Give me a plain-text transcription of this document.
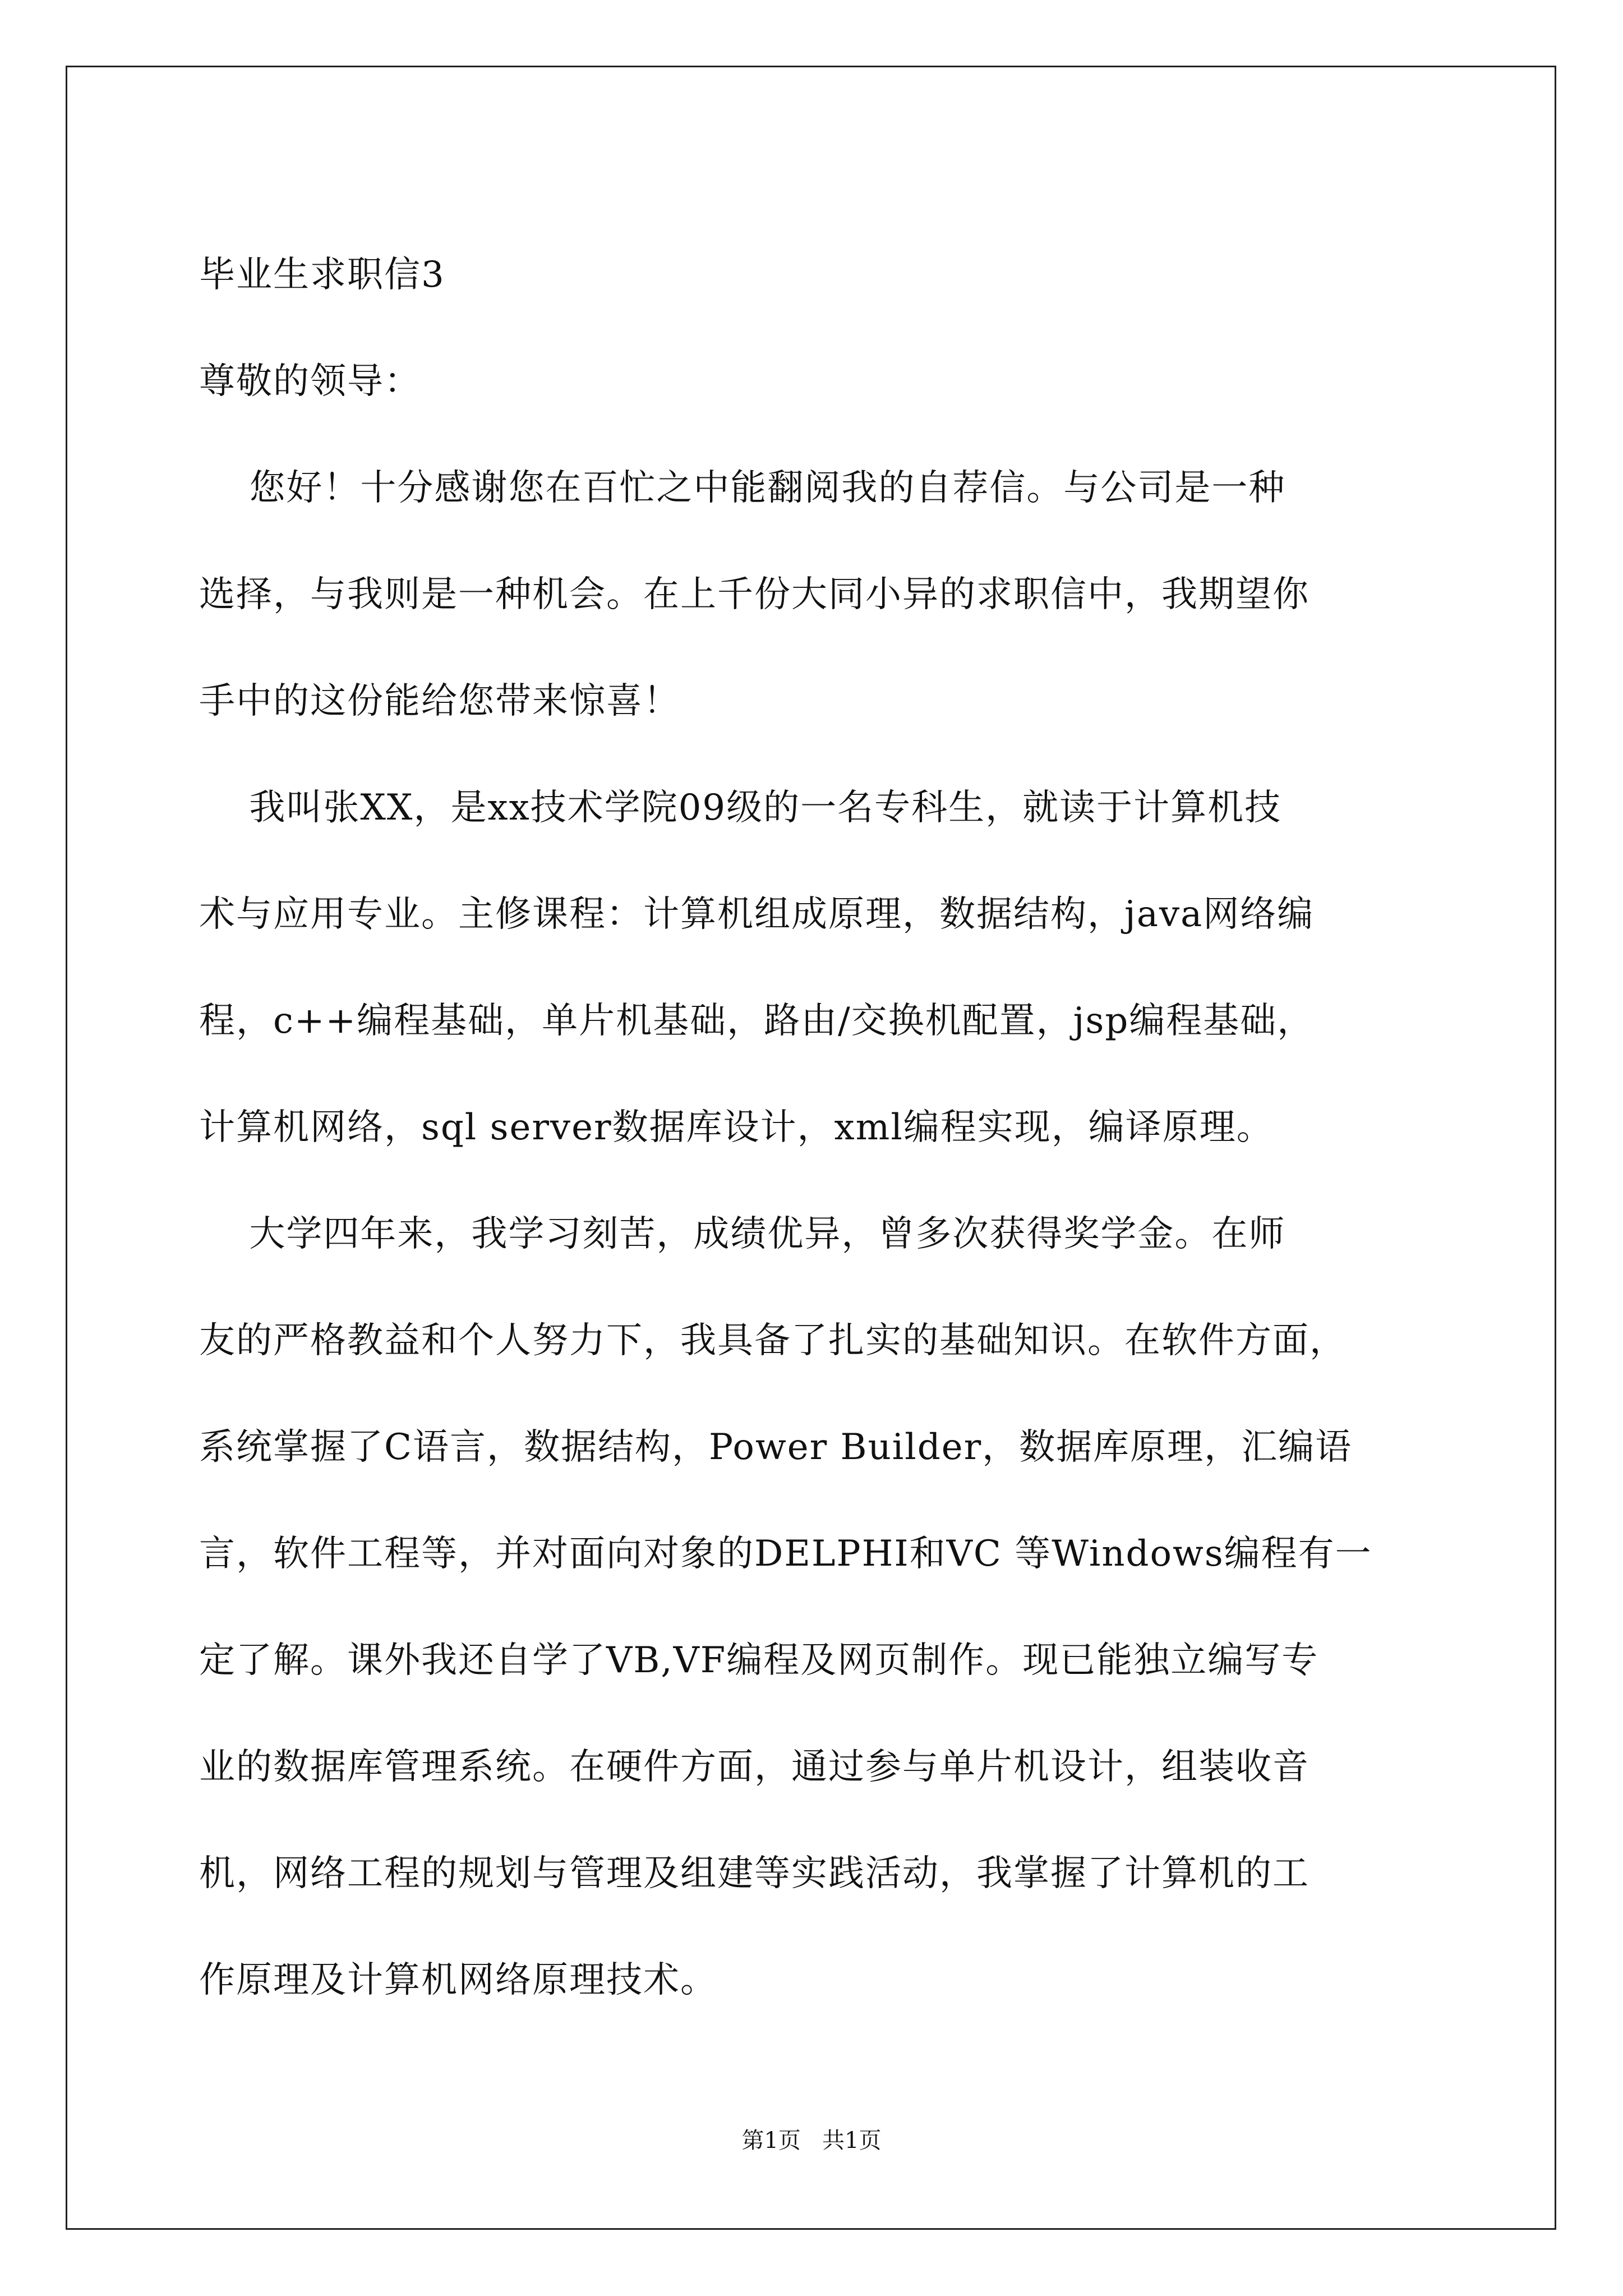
毕业生求职信3
尊敬的领导：
您好！十分感谢您在百忙之中能翻阅我的自荐信。与公司是一种
选择，与我则是一种机会。在上千份大同小异的求职信中，我期望你
手中的这份能给您带来惊喜！
我叫张XX，是xx技术学院09级的一名专科生，就读于计算机技
术与应用专业。主修课程：计算机组成原理，数据结构，java网络编
程，c++编程基础，单片机基础，路由/交换机配置，jsp编程基础，
计算机网络，sql server数据库设计，xml编程实现，编译原理。
大学四年来，我学习刻苦，成绩优异，曾多次获得奖学金。在师
友的严格教益和个人努力下，我具备了扎实的基础知识。在软件方面，
系统掌握了C语言，数据结构，Power Builder，数据库原理，汇编语
言，软件工程等，并对面向对象的DELPHI和VC 等Windows编程有一
定了解。课外我还自学了VB,VF编程及网页制作。现已能独立编写专
业的数据库管理系统。在硬件方面，通过参与单片机设计，组装收音
机，网络工程的规划与管理及组建等实践活动，我掌握了计算机的工
作原理及计算机网络原理技术。
第1页   共1页
